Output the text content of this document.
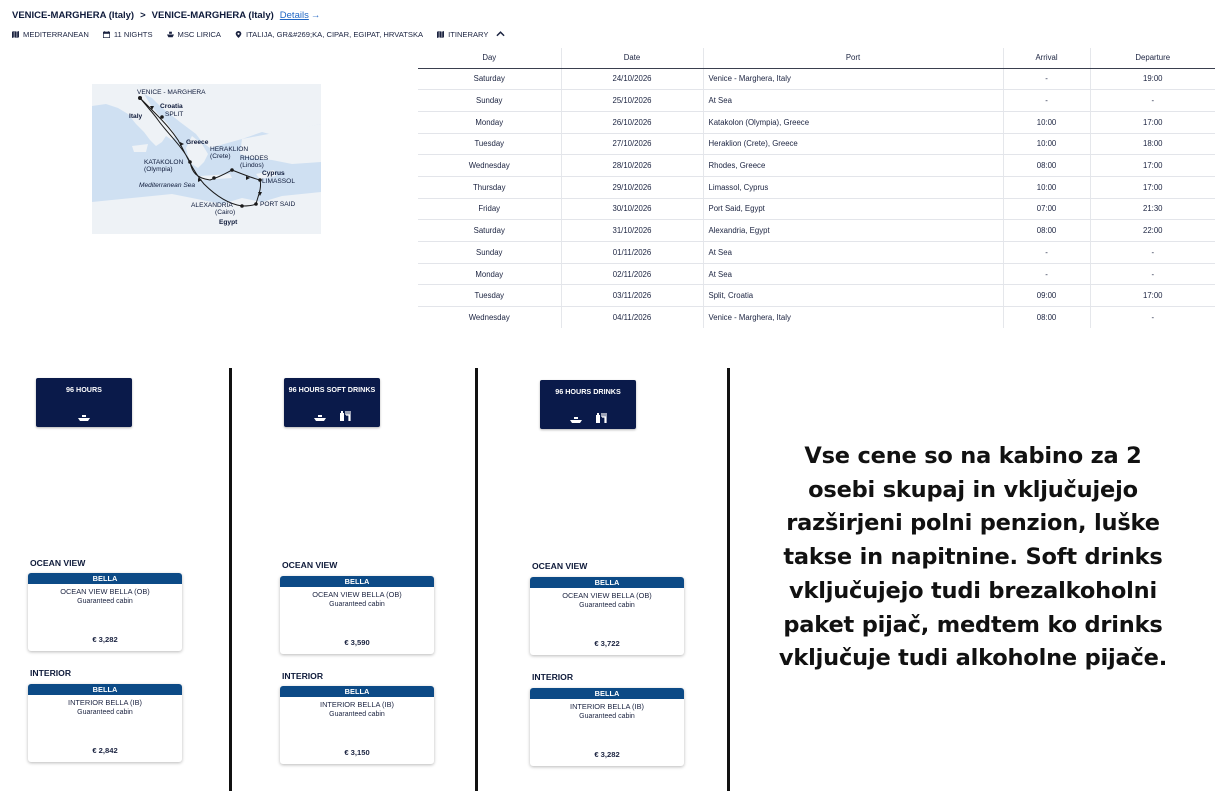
VENICE-MARGHERA (Italy) > VENICE-MARGHERA (Italy) Details →
MEDITERRANEAN	11 NIGHTS	MSC LIRICA	ITALIJA, GR&#269;KA, CIPAR, EGIPAT, HRVATSKA	ITINERARY
VENICE - MARGHERA
Croatia
Italy	SPLIT
Greece
HERAKLION
(Crete)
KATAKOLON
(Olympia)
RHODES
(Lindos)
Cyprus
LIMASSOL
Mediterranean Sea
ALEXANDRIA
(Cairo)
PORT SAID
Egypt
Day	Date	Port	Arrival	Departure
Saturday	24/10/2026	Venice - Marghera, Italy	-	19:00
Sunday	25/10/2026	At Sea	-	-
Monday	26/10/2026	Katakolon (Olympia), Greece	10:00	17:00
Tuesday	27/10/2026	Heraklion (Crete), Greece	10:00	18:00
Wednesday	28/10/2026	Rhodes, Greece	08:00	17:00
Thursday	29/10/2026	Limassol, Cyprus	10:00	17:00
Friday	30/10/2026	Port Said, Egypt	07:00	21:30
Saturday	31/10/2026	Alexandria, Egypt	08:00	22:00
Sunday	01/11/2026	At Sea	-	-
Monday	02/11/2026	At Sea	-	-
Tuesday	03/11/2026	Split, Croatia	09:00	17:00
Wednesday	04/11/2026	Venice - Marghera, Italy	08:00	-
96 HOURS
OCEAN VIEW
BELLA
OCEAN VIEW BELLA (OB)
Guaranteed cabin
€ 3,282
INTERIOR
BELLA
INTERIOR BELLA (IB)
Guaranteed cabin
€ 2,842
96 HOURS SOFT DRINKS
OCEAN VIEW
BELLA
OCEAN VIEW BELLA (OB)
Guaranteed cabin
€ 3,590
INTERIOR
BELLA
INTERIOR BELLA (IB)
Guaranteed cabin
€ 3,150
96 HOURS DRINKS
OCEAN VIEW
BELLA
OCEAN VIEW BELLA (OB)
Guaranteed cabin
€ 3,722
INTERIOR
BELLA
INTERIOR BELLA (IB)
Guaranteed cabin
€ 3,282
Vse cene so na kabino za 2
osebi skupaj in vključujejo
razširjeni polni penzion, luške
takse in napitnine. Soft drinks
vključujejo tudi brezalkoholni
paket pijač, medtem ko drinks
vključuje tudi alkoholne pijače.
